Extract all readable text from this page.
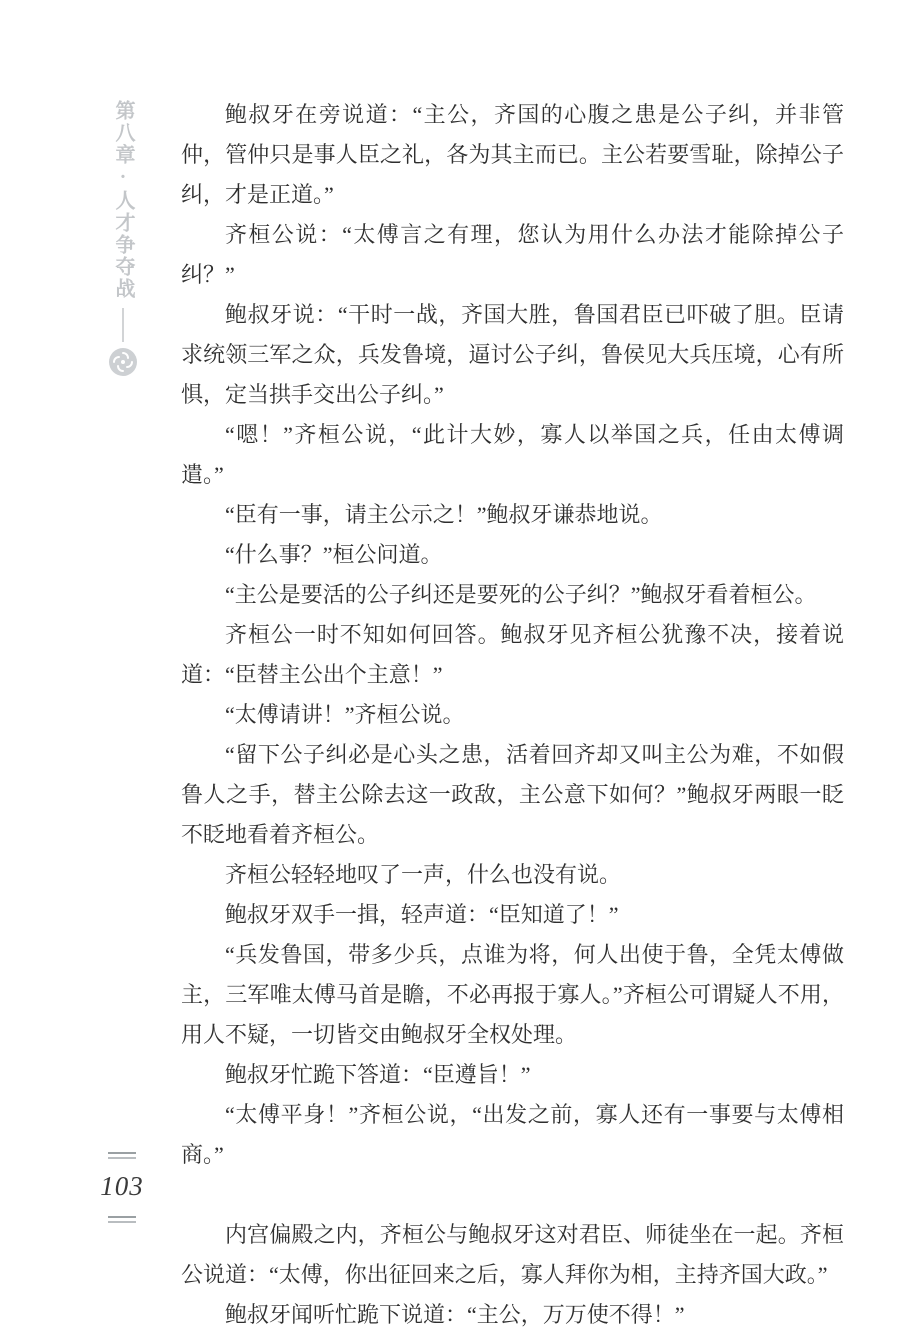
第八章·人才争夺战	鲍叔牙在旁说道：“主公，齐国的心腹之患是公子纠，并非管仲，管仲只是事人臣之礼，各为其主而已。主公若要雪耻，除掉公子纠，才是正道。”

齐桓公说：“太傅言之有理，您认为用什么办法才能除掉公子纠？”

鲍叔牙说：“干时一战，齐国大胜，鲁国君臣已吓破了胆。臣请求统领三军之众，兵发鲁境，逼讨公子纠，鲁侯见大兵压境，心有所惧，定当拱手交出公子纠。”

“嗯！”齐桓公说，“此计大妙，寡人以举国之兵，任由太傅调遣。”

“臣有一事，请主公示之！”鲍叔牙谦恭地说。

“什么事？”桓公问道。

“主公是要活的公子纠还是要死的公子纠？”鲍叔牙看着桓公。

齐桓公一时不知如何回答。鲍叔牙见齐桓公犹豫不决，接着说道：“臣替主公出个主意！”

“太傅请讲！”齐桓公说。

“留下公子纠必是心头之患，活着回齐却又叫主公为难，不如假鲁人之手，替主公除去这一政敌，主公意下如何？”鲍叔牙两眼一眨不眨地看着齐桓公。

齐桓公轻轻地叹了一声，什么也没有说。

鲍叔牙双手一揖，轻声道：“臣知道了！”

“兵发鲁国，带多少兵，点谁为将，何人出使于鲁，全凭太傅做主，三军唯太傅马首是瞻，不必再报于寡人。”齐桓公可谓疑人不用，用人不疑，一切皆交由鲍叔牙全权处理。

鲍叔牙忙跪下答道：“臣遵旨！”

“太傅平身！”齐桓公说，“出发之前，寡人还有一事要与太傅相商。”

内宫偏殿之内，齐桓公与鲍叔牙这对君臣、师徒坐在一起。齐桓公说道：“太傅，你出征回来之后，寡人拜你为相，主持齐国大政。”

鲍叔牙闻听忙跪下说道：“主公，万万使不得！”

103
